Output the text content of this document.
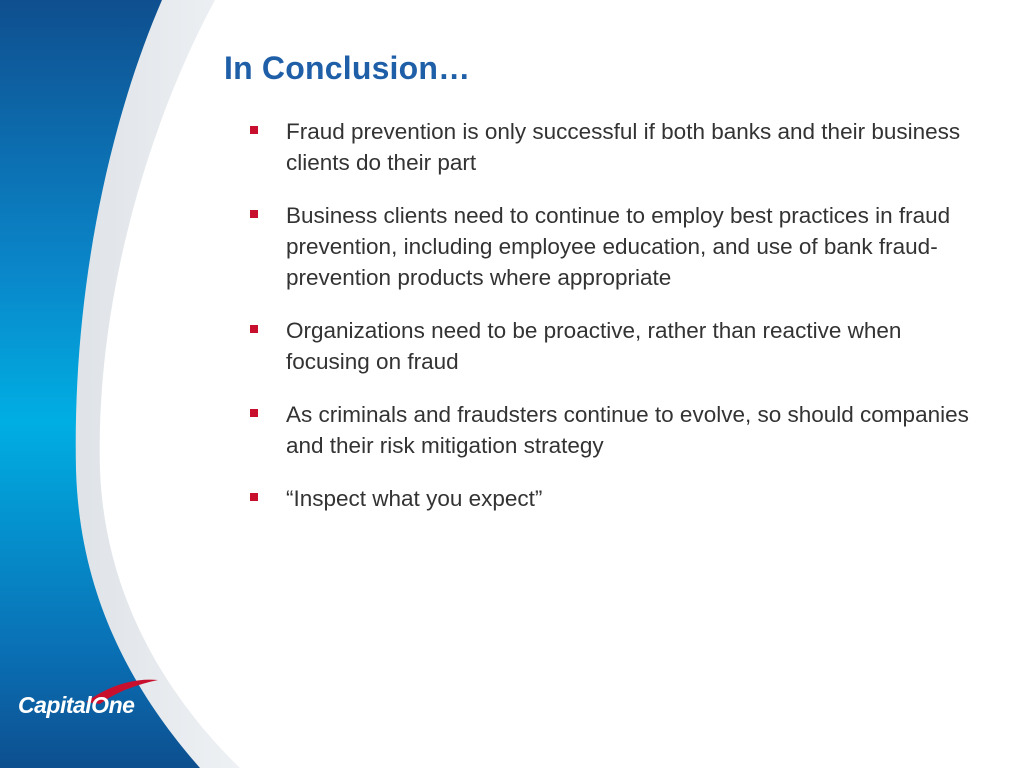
In Conclusion…
Fraud prevention is only successful if both banks and their business clients do their part
Business clients need to continue to employ best practices in fraud prevention, including employee education, and use of bank fraud-prevention products where appropriate
Organizations need to be proactive, rather than reactive when focusing on fraud
As criminals and fraudsters continue to evolve, so should companies and their risk mitigation strategy
“Inspect what you expect”
CapitalOne
